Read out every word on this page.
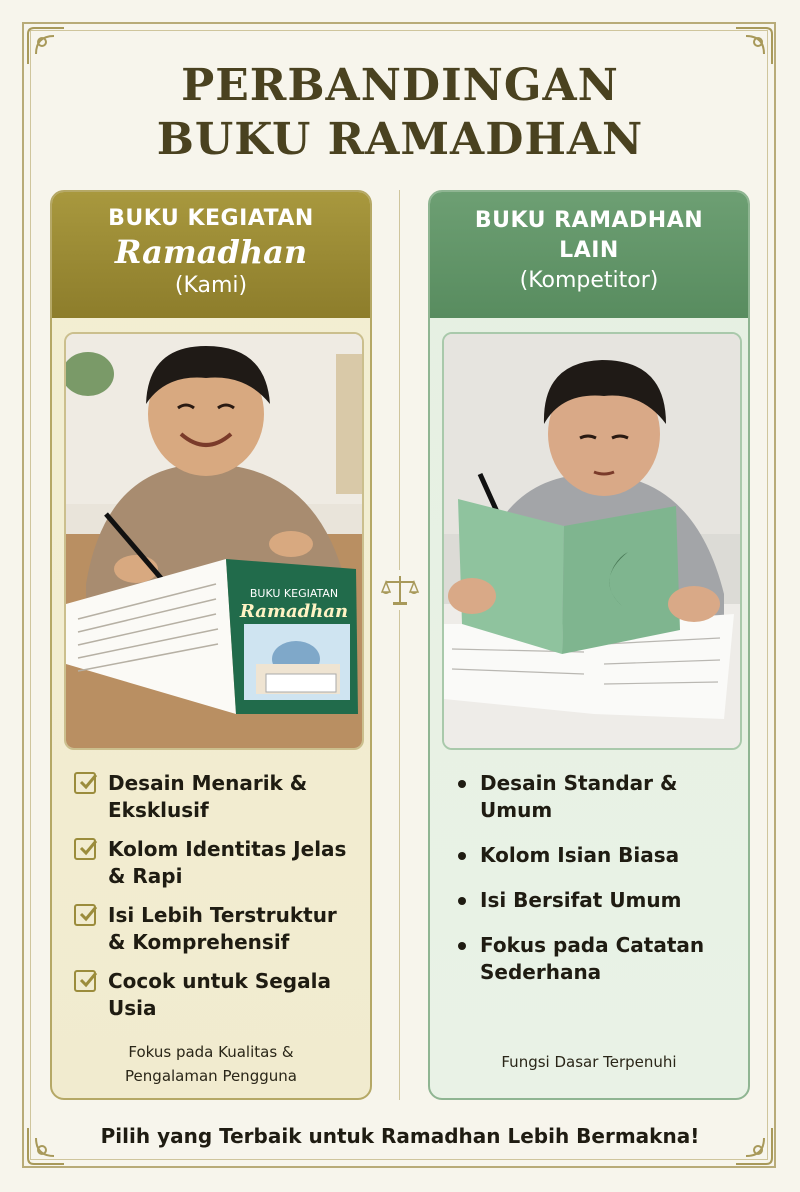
PERBANDINGAN
BUKU RAMADHAN
BUKU KEGIATAN
Ramadhan
(Kami)
BUKU KEGIATAN
Ramadhan
Desain Menarik & Eksklusif
Kolom Identitas Jelas & Rapi
Isi Lebih Terstruktur & Komprehensif
Cocok untuk Segala Usia
Fokus pada Kualitas &
Pengalaman Pengguna
BUKU RAMADHAN
LAIN
(Kompetitor)
Desain Standar & Umum
Kolom Isian Biasa
Isi Bersifat Umum
Fokus pada Catatan Sederhana
Fungsi Dasar Terpenuhi
Pilih yang Terbaik untuk Ramadhan Lebih Bermakna!
